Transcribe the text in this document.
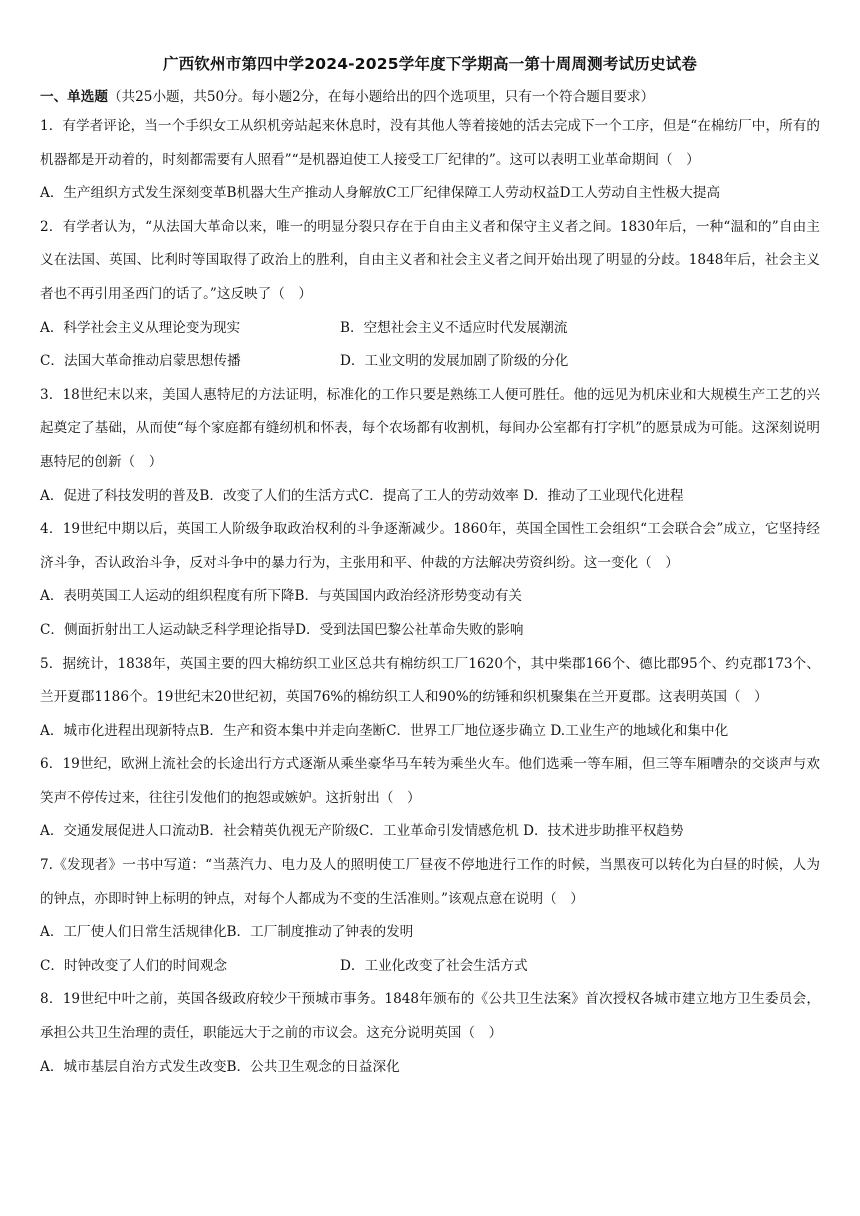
广西钦州市第四中学2024-2025学年度下学期高一第十周周测考试历史试卷
一、单选题（共25小题，共50分。每小题2分，在每小题给出的四个选项里，只有一个符合题目要求）

1．有学者评论，当一个手织女工从织机旁站起来休息时，没有其他人等着接她的活去完成下一个工序，但是“在棉纺厂中，所有的机器都是开动着的，时刻都需要有人照看”“是机器迫使工人接受工厂纪律的”。这可以表明工业革命期间（　）

A．生产组织方式发生深刻变革B机器大生产推动人身解放C工厂纪律保障工人劳动权益D工人劳动自主性极大提高

2．有学者认为，“从法国大革命以来，唯一的明显分裂只存在于自由主义者和保守主义者之间。1830年后，一种“温和的”自由主义在法国、英国、比利时等国取得了政治上的胜利，自由主义者和社会主义者之间开始出现了明显的分歧。1848年后，社会主义者也不再引用圣西门的话了。”这反映了（　）

A．科学社会主义从理论变为现实	B．空想社会主义不适应时代发展潮流
C．法国大革命推动启蒙思想传播	D．工业文明的发展加剧了阶级的分化

3．18世纪末以来，美国人惠特尼的方法证明，标准化的工作只要是熟练工人便可胜任。他的远见为机床业和大规模生产工艺的兴起奠定了基础，从而使“每个家庭都有缝纫机和怀表，每个农场都有收割机，每间办公室都有打字机”的愿景成为可能。这深刻说明惠特尼的创新（　）

A．促进了科技发明的普及B．改变了人们的生活方式C．提高了工人的劳动效率 D．推动了工业现代化进程

4．19世纪中期以后，英国工人阶级争取政治权利的斗争逐渐减少。1860年，英国全国性工会组织“工会联合会”成立，它坚持经济斗争，否认政治斗争，反对斗争中的暴力行为，主张用和平、仲裁的方法解决劳资纠纷。这一变化（　）

A．表明英国工人运动的组织程度有所下降B．与英国国内政治经济形势变动有关
C．侧面折射出工人运动缺乏科学理论指导D．受到法国巴黎公社革命失败的影响

5．据统计，1838年，英国主要的四大棉纺织工业区总共有棉纺织工厂1620个，其中柴郡166个、德比郡95个、约克郡173个、兰开夏郡1186个。19世纪末20世纪初，英国76%的棉纺织工人和90%的纺锤和织机聚集在兰开夏郡。这表明英国（　）

A．城市化进程出现新特点B．生产和资本集中并走向垄断C．世界工厂地位逐步确立 D.工业生产的地域化和集中化

6．19世纪，欧洲上流社会的长途出行方式逐渐从乘坐豪华马车转为乘坐火车。他们选乘一等车厢，但三等车厢嘈杂的交谈声与欢笑声不停传过来，往往引发他们的抱怨或嫉妒。这折射出（　）

A．交通发展促进人口流动B．社会精英仇视无产阶级C．工业革命引发情感危机 D．技术进步助推平权趋势

7.《发现者》一书中写道：“当蒸汽力、电力及人的照明使工厂昼夜不停地进行工作的时候，当黑夜可以转化为白昼的时候，人为的钟点，亦即时钟上标明的钟点，对每个人都成为不变的生活准则。”该观点意在说明（　）

A．工厂使人们日常生活规律化B．工厂制度推动了钟表的发明
C．时钟改变了人们的时间观念	D．工业化改变了社会生活方式

8．19世纪中叶之前，英国各级政府较少干预城市事务。1848年颁布的《公共卫生法案》首次授权各城市建立地方卫生委员会，承担公共卫生治理的责任，职能远大于之前的市议会。这充分说明英国（　）

A．城市基层自治方式发生改变B．公共卫生观念的日益深化
